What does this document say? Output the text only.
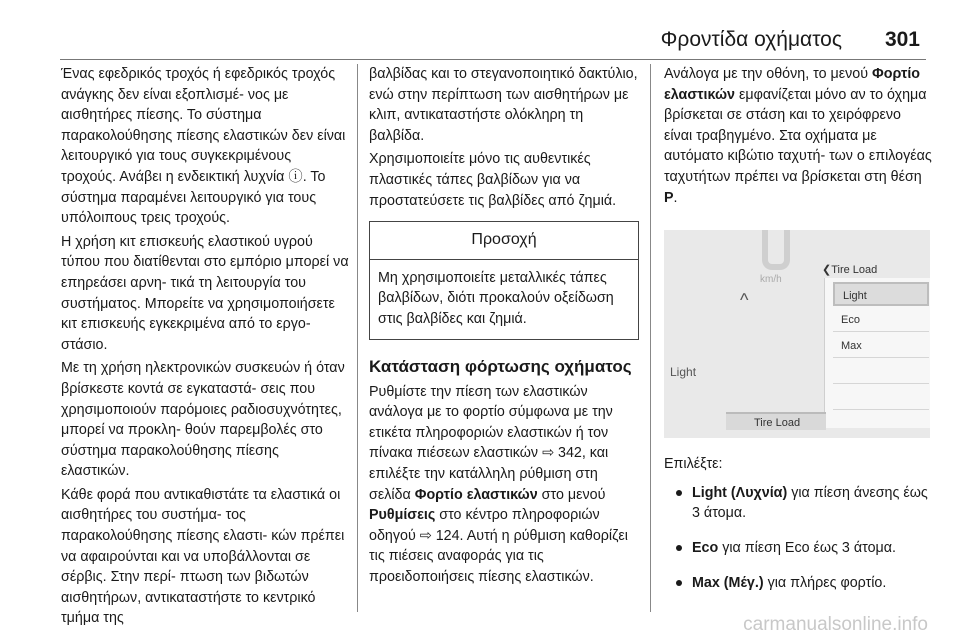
Φροντίδα οχήματος 301

Ένας εφεδρικός τροχός ή εφεδρικός τροχός ανάγκης δεν είναι εξοπλισμέ- νος με αισθητήρες πίεσης. Το σύστημα παρακολούθησης πίεσης ελαστικών δεν είναι λειτουργικό για τους συγκεκριμένους τροχούς. Ανάβει η ενδεικτική λυχνία ⓘ. Το σύστημα παραμένει λειτουργικό για τους υπόλοιπους τρεις τροχούς.

Η χρήση κιτ επισκευής ελαστικού υγρού τύπου που διατίθενται στο εμπόριο μπορεί να επηρεάσει αρνη- τικά τη λειτουργία του συστήματος. Μπορείτε να χρησιμοποιήσετε κιτ επισκευής εγκεκριμένα από το εργο- στάσιο.

Με τη χρήση ηλεκτρονικών συσκευών ή όταν βρίσκεστε κοντά σε εγκαταστά- σεις που χρησιμοποιούν παρόμοιες ραδιοσυχνότητες, μπορεί να προκλη- θούν παρεμβολές στο σύστημα παρακολούθησης πίεσης ελαστικών.

Κάθε φορά που αντικαθιστάτε τα ελαστικά οι αισθητήρες του συστήμα- τος παρακολούθησης πίεσης ελαστι- κών πρέπει να αφαιρούνται και να υποβάλλονται σε σέρβις. Στην περί- πτωση των βιδωτών αισθητήρων, αντικαταστήστε το κεντρικό τμήμα της

βαλβίδας και το στεγανοποιητικό δακτύλιο, ενώ στην περίπτωση των αισθητήρων με κλιπ, αντικαταστήστε ολόκληρη τη βαλβίδα.

Χρησιμοποιείτε μόνο τις αυθεντικές πλαστικές τάπες βαλβίδων για να προστατεύσετε τις βαλβίδες από ζημιά.

Προσοχή
Μη χρησιμοποιείτε μεταλλικές τάπες βαλβίδων, διότι προκαλούν οξείδωση στις βαλβίδες και ζημιά.
Κατάσταση φόρτωσης οχήματος

Ρυθμίστε την πίεση των ελαστικών ανάλογα με το φορτίο σύμφωνα με την ετικέτα πληροφοριών ελαστικών ή τον πίνακα πιέσεων ελαστικών ⇨ 342, και επιλέξτε την κατάλληλη ρύθμιση στη σελίδα Φορτίο ελαστικών στο μενού Ρυθμίσεις στο κέντρο πληροφοριών οδηγού ⇨ 124. Αυτή η ρύθμιση καθορίζει τις πιέσεις αναφοράς για τις προειδοποιήσεις πίεσης ελαστικών.

Ανάλογα με την οθόνη, το μενού Φορτίο ελαστικών εμφανίζεται μόνο αν το όχημα βρίσκεται σε στάση και το χειρόφρενο είναι τραβηγμένο. Στα οχήματα με αυτόματο κιβώτιο ταχυτή- των ο επιλογέας ταχυτήτων πρέπει να βρίσκεται στη θέση P.

km/h
❮Tire Load
^	Light
Eco
Max
Light
Tire Load

Επιλέξτε:

Light (Λυχνία) για πίεση άνεσης έως 3 άτομα.
Eco για πίεση Eco έως 3 άτομα.
Max (Μέγ.) για πλήρες φορτίο.
carmanualsonline.info
